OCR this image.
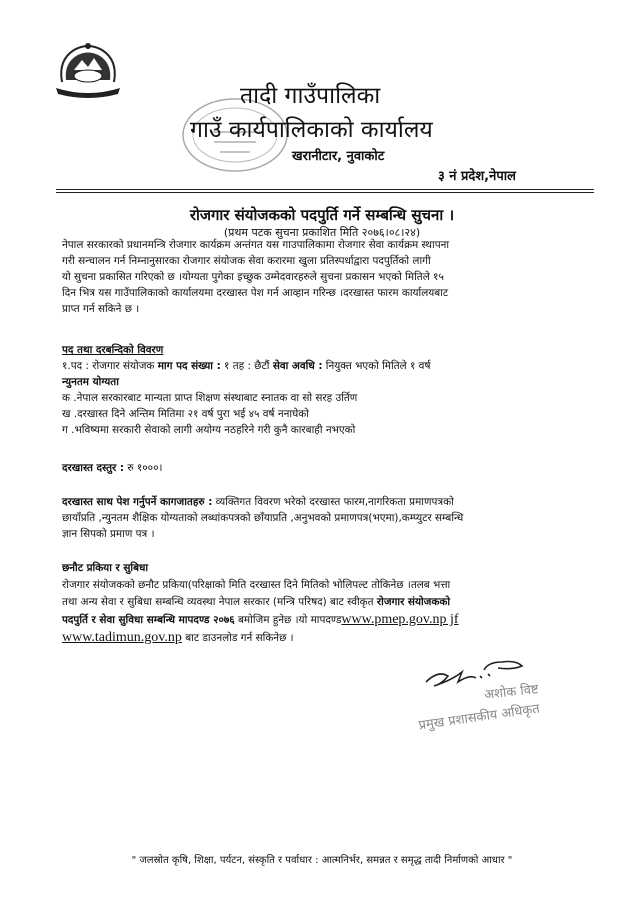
तादी गाउँपालिका
गाउँ कार्यपालिकाको कार्यालय
खरानीटार, नुवाकोट
३ नं प्रदेश,नेपाल
रोजगार संयोजकको पदपुर्ति गर्ने सम्बन्धि सुचना ।
(प्रथम पटक सुचना प्रकाशित मिति २०७६।०८।२४)
नेपाल सरकारको प्रधानमन्त्रि रोजगार कार्यक्रम अन्तंगत यस गाउपालिकामा रोजगार सेवा कार्यक्रम स्थापना
गरी सन्चालन गर्न निम्नानुसारका रोजगार संयोजक सेवा करारमा खुला प्रतिस्पर्धाद्वारा पदपुर्तिको लागी
यो सुचना प्रकासित गरिएको छ ।योग्यता पुगेका इच्छुक उम्मेदवारहरुले सुचना प्रकासन भएको मितिले १५
दिन भित्र यस गाउँपालिकाको कार्यालयमा दरखास्त पेश गर्न आव्हान गरिन्छ ।दरखास्त फारम कार्यालयबाट
प्राप्त गर्न सकिने छ ।
पद तथा दरबन्दिको विवरण
१.पद : रोजगार संयोजक माग पद संख्या : १ तह : छैटौं सेवा अवधि : नियुक्त भएको मितिले १ वर्ष
न्युनतम योग्यता
क .नेपाल सरकारबाट मान्यता प्राप्त शिक्षण संस्थाबाट स्नातक वा सो सरह उर्तिण
ख .दरखास्त दिने अन्तिम मितिमा २१ वर्ष पुरा भई ४५ वर्ष ननाघेको
ग .भविष्यमा सरकारी सेवाको लागी अयोग्य नठहरिने गरी कुनै कारबाही नभएको
दरखास्त दस्तुर : रु १०००।
दरखास्त साथ पेश गर्नुपर्ने कागजातहरु : व्यक्तिगत विवरण भरेको दरखास्त फारम,नागरिकता प्रमाणपत्रको
छायाँप्रति ,न्युनतम शैक्षिक योग्यताको लब्धांकपत्रको छाँयाप्रति ,अनुभवको प्रमाणपत्र(भएमा),कम्प्युटर सम्बन्धि
ज्ञान सिपको प्रमाण पत्र ।
छनौट प्रकिया र सुबिधा
रोजगार संयोजकको छनौट प्रकिया(परिक्षाको मिति दरखास्त दिने मितिको भोलिपल्ट तोकिनेछ ।तलब भत्ता
तथा अन्य सेवा र सुबिधा सम्बन्धि व्यवस्था नेपाल सरकार (मन्त्रि परिषद) बाट स्वीकृत रोजगार संयोजकको
पदपुर्ति र सेवा सुविधा सम्बन्धि मापदण्ड २०७६ बमोजिम हुनेछ ।यो मापदण्डwww.pmep.gov.np jf
www.tadimun.gov.np बाट डाउनलोड गर्न सकिनेछ ।
अशोक विष्ट
प्रमुख प्रशासकीय अधिकृत
" जलस्रोत कृषि, शिक्षा, पर्यटन, संस्कृति र पर्वाधार : आत्मनिर्भर, समन्नत र समृद्ध तादी निर्माणको आधार "
